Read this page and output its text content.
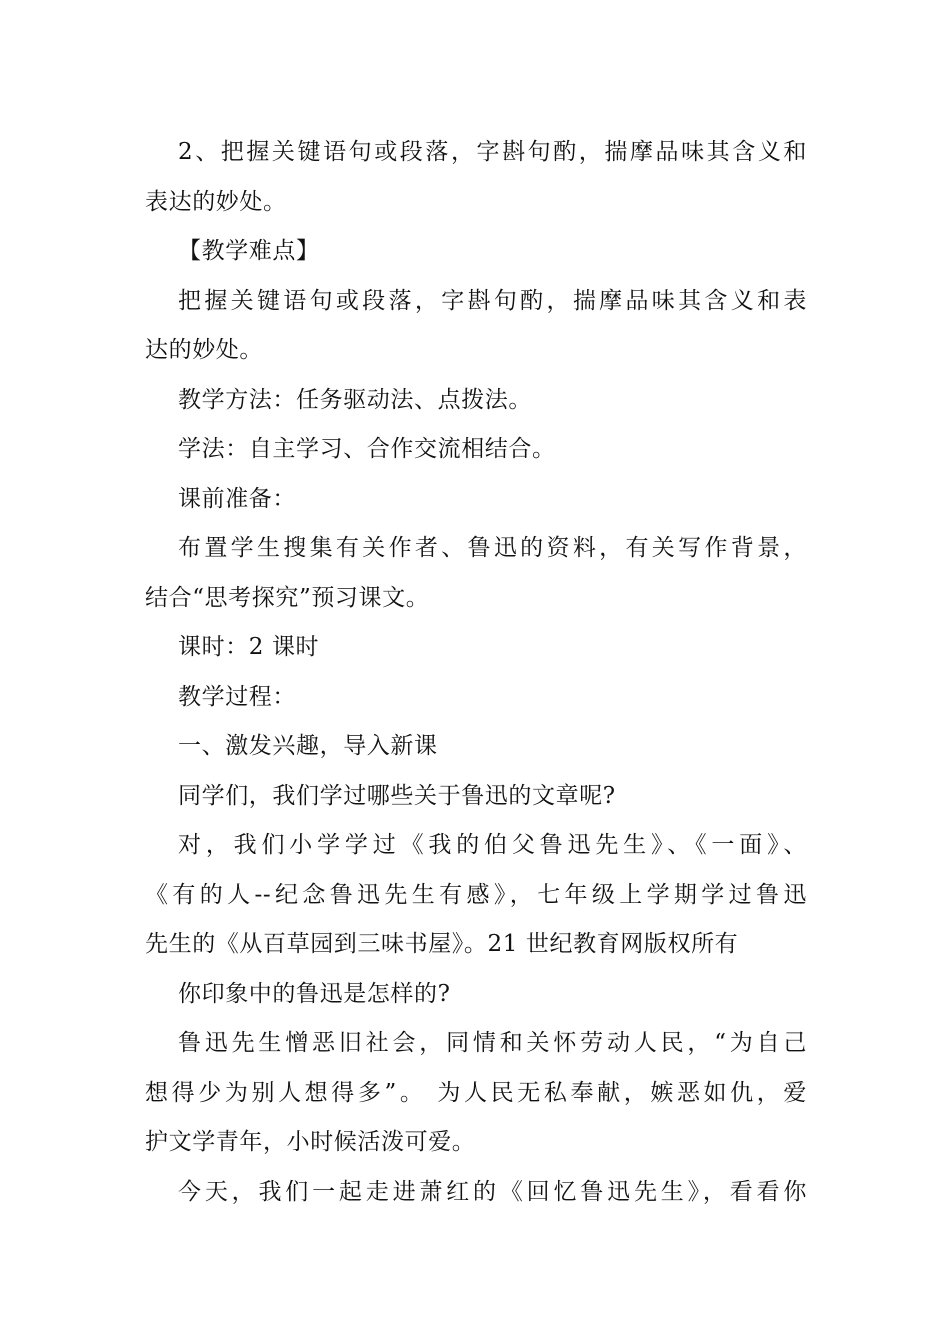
2、把握关键语句或段落，字斟句酌，揣摩品味其含义和
表达的妙处。
【教学难点】
把握关键语句或段落，字斟句酌，揣摩品味其含义和表
达的妙处。
教学方法：任务驱动法、点拨法。
学法：自主学习、合作交流相结合。
课前准备：
布置学生搜集有关作者、鲁迅的资料，有关写作背景，
结合“思考探究”预习课文。
课时：2 课时
教学过程：
一、激发兴趣，导入新课
同学们，我们学过哪些关于鲁迅的文章呢?
对，我们小学学过《我的伯父鲁迅先生》、《一面》、
《有的人--纪念鲁迅先生有感》，七年级上学期学过鲁迅
先生的《从百草园到三味书屋》。21 世纪教育网版权所有
你印象中的鲁迅是怎样的?
鲁迅先生憎恶旧社会，同情和关怀劳动人民，“为自己
想得少为别人想得多”。 为人民无私奉献，嫉恶如仇，爱
护文学青年，小时候活泼可爱。
今天，我们一起走进萧红的《回忆鲁迅先生》，看看你
